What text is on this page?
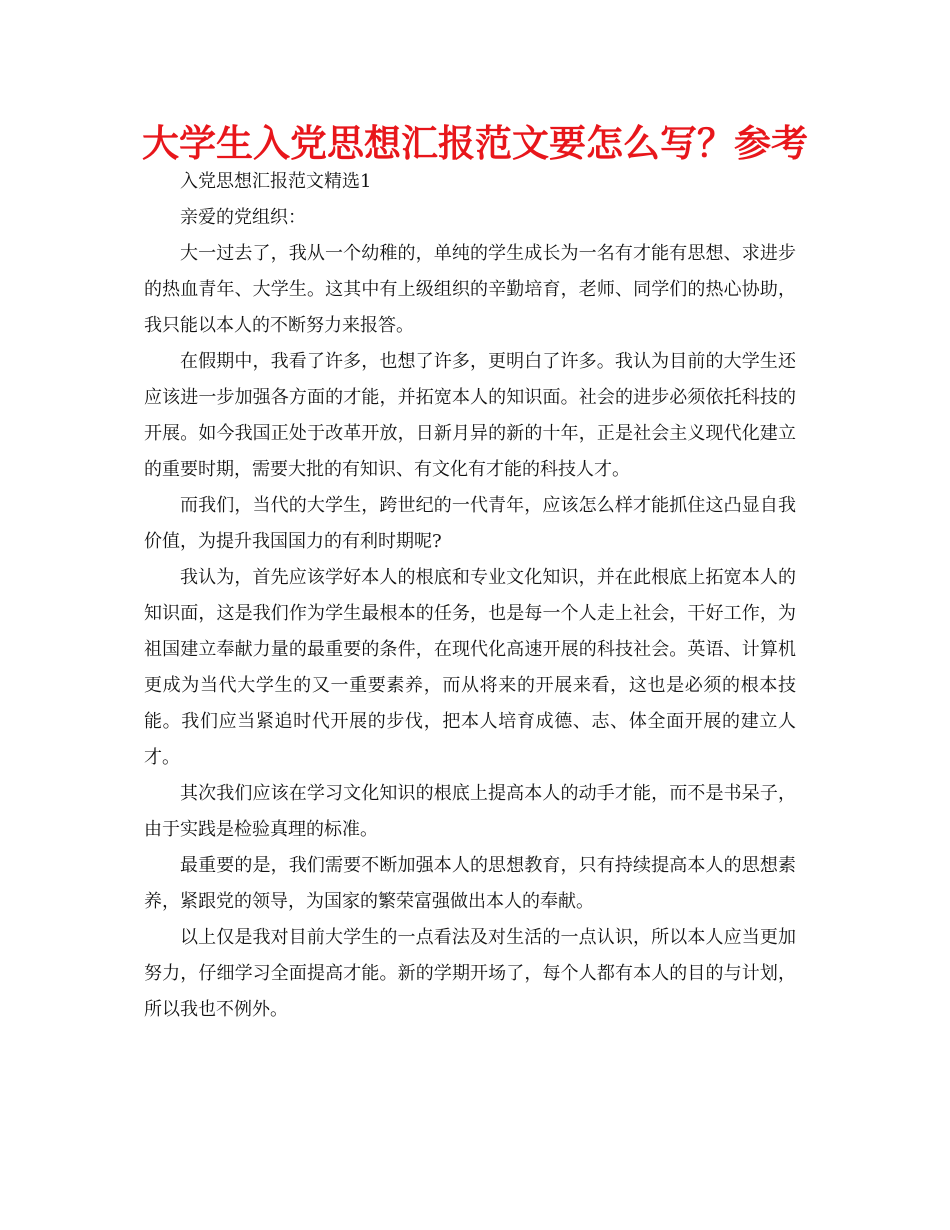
大学生入党思想汇报范文要怎么写？参考

入党思想汇报范文精选1

亲爱的党组织：

大一过去了，我从一个幼稚的，单纯的学生成长为一名有才能有思想、求进步的热血青年、大学生。这其中有上级组织的辛勤培育，老师、同学们的热心协助，我只能以本人的不断努力来报答。

在假期中，我看了许多，也想了许多，更明白了许多。我认为目前的大学生还应该进一步加强各方面的才能，并拓宽本人的知识面。社会的进步必须依托科技的开展。如今我国正处于改革开放，日新月异的新的十年，正是社会主义现代化建立的重要时期，需要大批的有知识、有文化有才能的科技人才。

而我们，当代的大学生，跨世纪的一代青年，应该怎么样才能抓住这凸显自我价值，为提升我国国力的有利时期呢?

我认为，首先应该学好本人的根底和专业文化知识，并在此根底上拓宽本人的知识面，这是我们作为学生最根本的任务，也是每一个人走上社会，干好工作，为祖国建立奉献力量的最重要的条件，在现代化高速开展的科技社会。英语、计算机更成为当代大学生的又一重要素养，而从将来的开展来看，这也是必须的根本技能。我们应当紧追时代开展的步伐，把本人培育成德、志、体全面开展的建立人才。

其次我们应该在学习文化知识的根底上提高本人的动手才能，而不是书呆子，由于实践是检验真理的标准。

最重要的是，我们需要不断加强本人的思想教育，只有持续提高本人的思想素养，紧跟党的领导，为国家的繁荣富强做出本人的奉献。

以上仅是我对目前大学生的一点看法及对生活的一点认识，所以本人应当更加努力，仔细学习全面提高才能。新的学期开场了，每个人都有本人的目的与计划，所以我也不例外。
